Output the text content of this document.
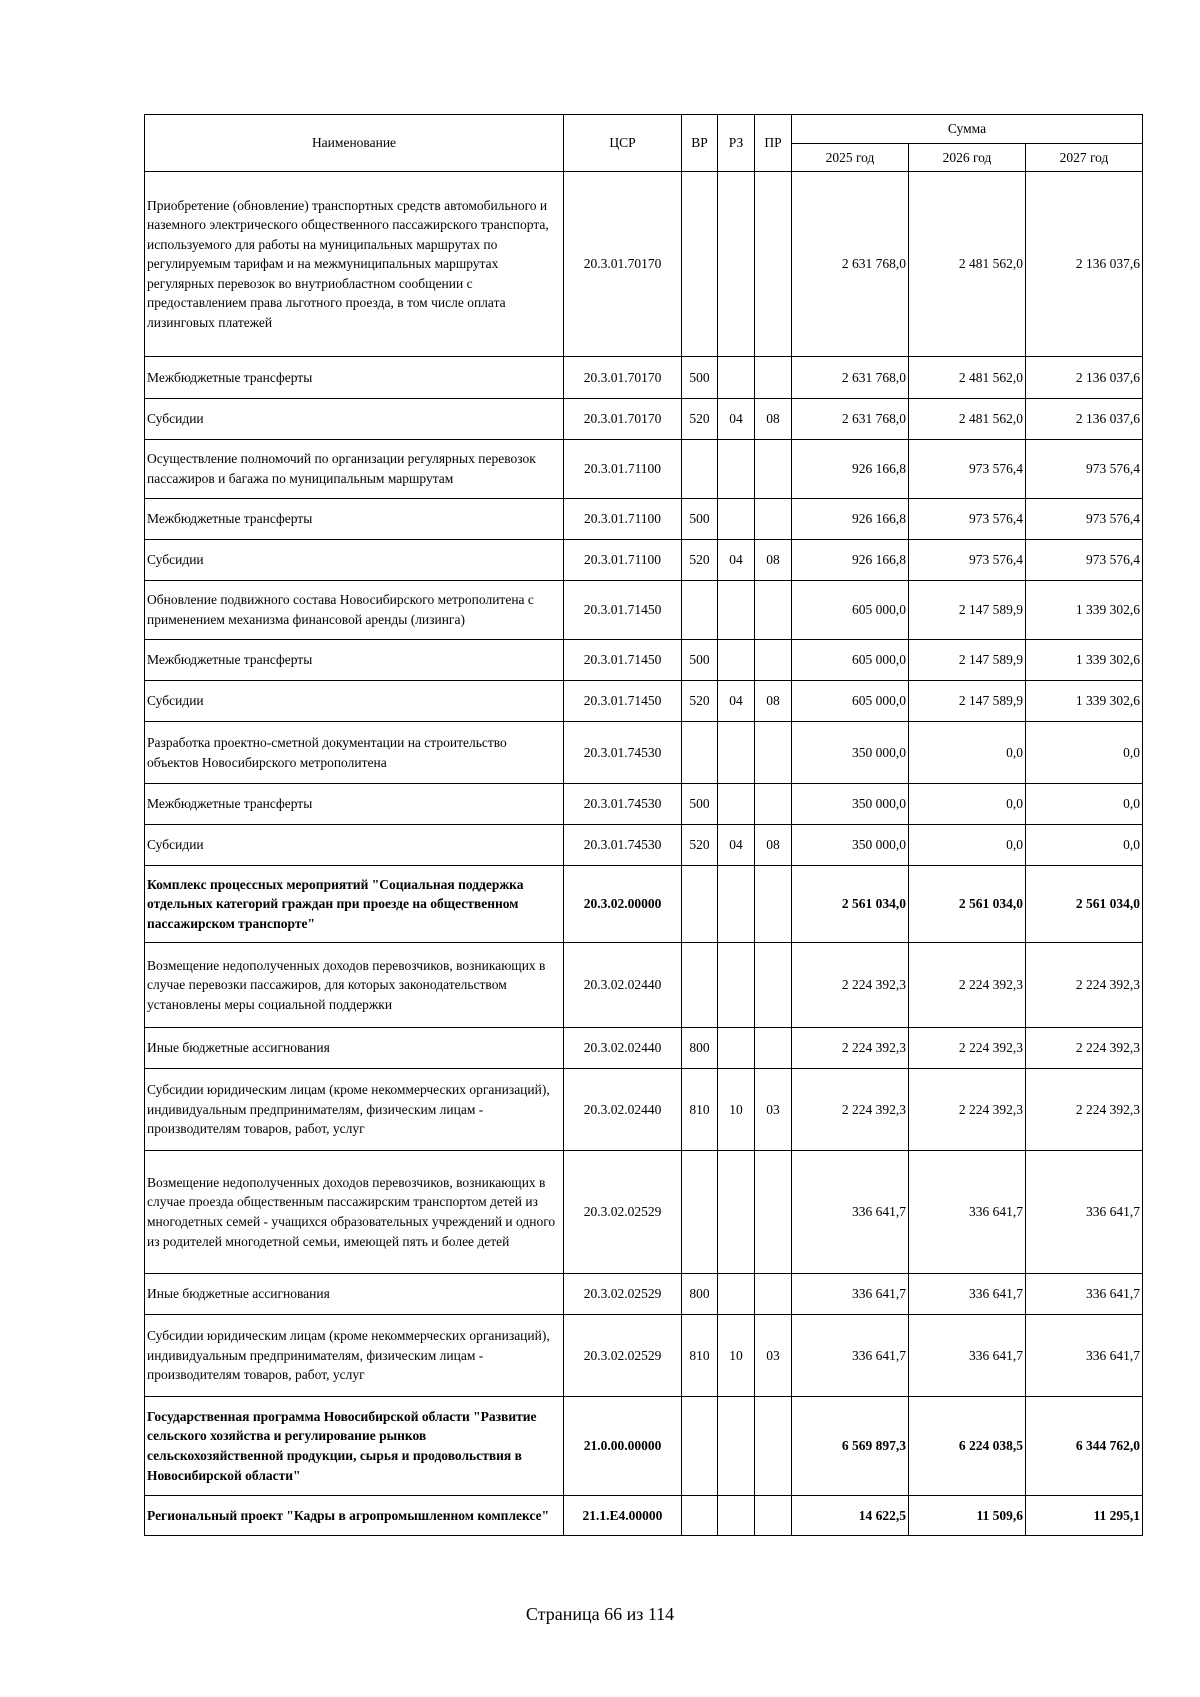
Наименование	ЦСР	ВР	РЗ	ПР	Сумма		
					2025 год	2026 год	2027 год
Приобретение (обновление) транспортных средств автомобильного и наземного электрического общественного пассажирского транспорта, используемого для работы на муниципальных маршрутах по регулируемым тарифам и на межмуниципальных маршрутах регулярных перевозок во внутриобластном сообщении с предоставлением права льготного проезда, в том числе оплата лизинговых платежей	20.3.01.70170				2 631 768,0	2 481 562,0	2 136 037,6
Межбюджетные трансферты	20.3.01.70170	500			2 631 768,0	2 481 562,0	2 136 037,6
Субсидии	20.3.01.70170	520	04	08	2 631 768,0	2 481 562,0	2 136 037,6
Осуществление полномочий по организации регулярных перевозок пассажиров и багажа по муниципальным маршрутам	20.3.01.71100				926 166,8	973 576,4	973 576,4
Межбюджетные трансферты	20.3.01.71100	500			926 166,8	973 576,4	973 576,4
Субсидии	20.3.01.71100	520	04	08	926 166,8	973 576,4	973 576,4
Обновление подвижного состава Новосибирского метрополитена с применением механизма финансовой аренды (лизинга)	20.3.01.71450				605 000,0	2 147 589,9	1 339 302,6
Межбюджетные трансферты	20.3.01.71450	500			605 000,0	2 147 589,9	1 339 302,6
Субсидии	20.3.01.71450	520	04	08	605 000,0	2 147 589,9	1 339 302,6
Разработка проектно-сметной документации на строительство объектов Новосибирского метрополитена	20.3.01.74530				350 000,0	0,0	0,0
Межбюджетные трансферты	20.3.01.74530	500			350 000,0	0,0	0,0
Субсидии	20.3.01.74530	520	04	08	350 000,0	0,0	0,0
Комплекс процессных мероприятий "Социальная поддержка отдельных категорий граждан при проезде на общественном пассажирском транспорте"	20.3.02.00000				2 561 034,0	2 561 034,0	2 561 034,0
Возмещение недополученных доходов перевозчиков, возникающих в случае перевозки пассажиров, для которых законодательством установлены меры социальной поддержки	20.3.02.02440				2 224 392,3	2 224 392,3	2 224 392,3
Иные бюджетные ассигнования	20.3.02.02440	800			2 224 392,3	2 224 392,3	2 224 392,3
Субсидии юридическим лицам (кроме некоммерческих организаций), индивидуальным предпринимателям, физическим лицам - производителям товаров, работ, услуг	20.3.02.02440	810	10	03	2 224 392,3	2 224 392,3	2 224 392,3
Возмещение недополученных доходов перевозчиков, возникающих в случае проезда общественным пассажирским транспортом детей из многодетных семей - учащихся образовательных учреждений и одного из родителей многодетной семьи, имеющей пять и более детей	20.3.02.02529				336 641,7	336 641,7	336 641,7
Иные бюджетные ассигнования	20.3.02.02529	800			336 641,7	336 641,7	336 641,7
Субсидии юридическим лицам (кроме некоммерческих организаций), индивидуальным предпринимателям, физическим лицам - производителям товаров, работ, услуг	20.3.02.02529	810	10	03	336 641,7	336 641,7	336 641,7
Государственная программа Новосибирской области "Развитие сельского хозяйства и регулирование рынков сельскохозяйственной продукции, сырья и продовольствия в Новосибирской области"	21.0.00.00000				6 569 897,3	6 224 038,5	6 344 762,0
Региональный проект "Кадры в агропромышленном комплексе"	21.1.Е4.00000				14 622,5	11 509,6	11 295,1
Страница 66 из 114
